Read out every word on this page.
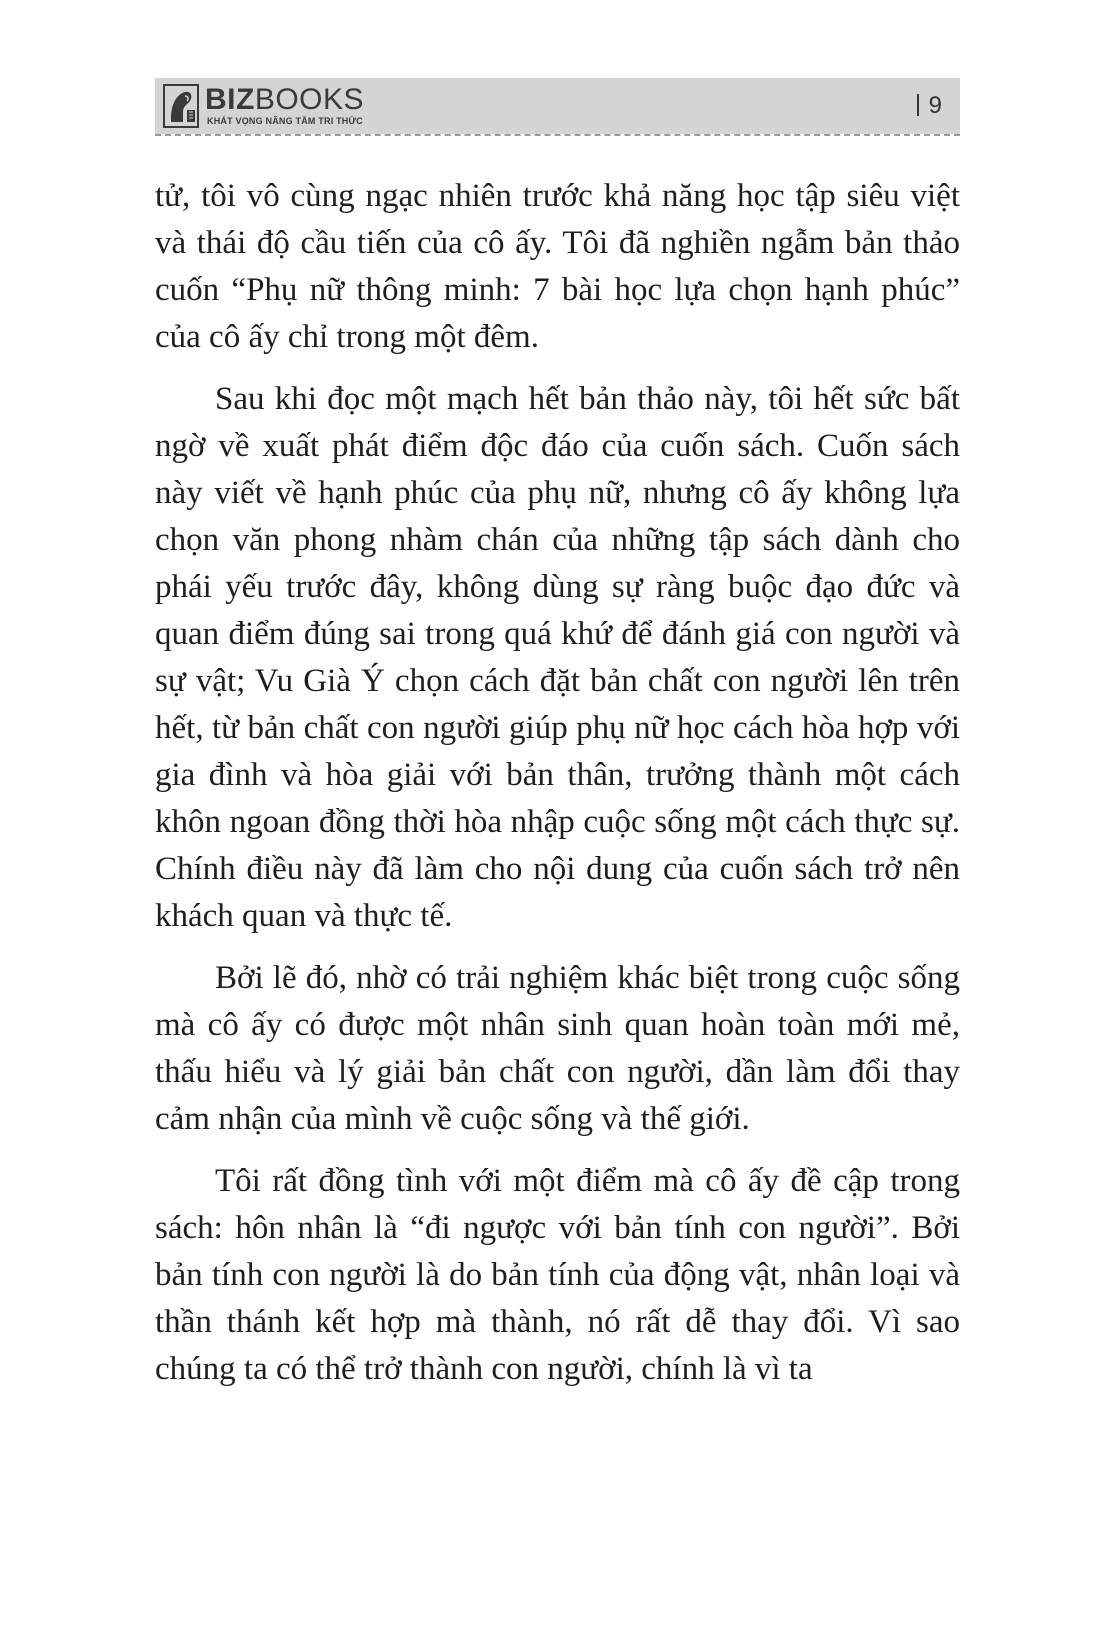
BIZBOOKS
KHÁT VỌNG NÂNG TẦM TRI THỨC
9

tử, tôi vô cùng ngạc nhiên trước khả năng học tập siêu việt và thái độ cầu tiến của cô ấy. Tôi đã nghiền ngẫm bản thảo cuốn “Phụ nữ thông minh: 7 bài học lựa chọn hạnh phúc” của cô ấy chỉ trong một đêm.

Sau khi đọc một mạch hết bản thảo này, tôi hết sức bất ngờ về xuất phát điểm độc đáo của cuốn sách. Cuốn sách này viết về hạnh phúc của phụ nữ, nhưng cô ấy không lựa chọn văn phong nhàm chán của những tập sách dành cho phái yếu trước đây, không dùng sự ràng buộc đạo đức và quan điểm đúng sai trong quá khứ để đánh giá con người và sự vật; Vu Già Ý chọn cách đặt bản chất con người lên trên hết, từ bản chất con người giúp phụ nữ học cách hòa hợp với gia đình và hòa giải với bản thân, trưởng thành một cách khôn ngoan đồng thời hòa nhập cuộc sống một cách thực sự. Chính điều này đã làm cho nội dung của cuốn sách trở nên khách quan và thực tế.

Bởi lẽ đó, nhờ có trải nghiệm khác biệt trong cuộc sống mà cô ấy có được một nhân sinh quan hoàn toàn mới mẻ, thấu hiểu và lý giải bản chất con người, dần làm đổi thay cảm nhận của mình về cuộc sống và thế giới.

Tôi rất đồng tình với một điểm mà cô ấy đề cập trong sách: hôn nhân là “đi ngược với bản tính con người”. Bởi bản tính con người là do bản tính của động vật, nhân loại và thần thánh kết hợp mà thành, nó rất dễ thay đổi. Vì sao chúng ta có thể trở thành con người, chính là vì ta
